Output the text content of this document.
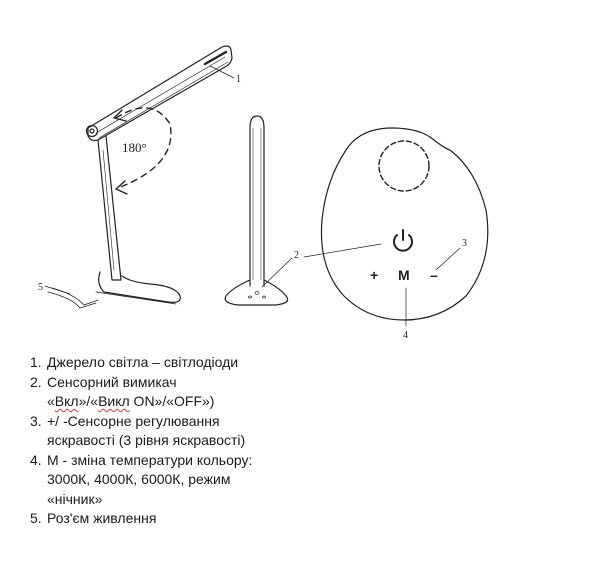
+ M –
180°
1
2
3
4
5
1. Джерело світла – світлодіоди
2. Сенсорний вимикач
«Вкл»/«Викл ON»/«OFF»)
3. +/ -Сенсорне регулювання яскравості (3 рівня яскравості)
4. М - зміна температури кольору: 3000К, 4000К, 6000К, режим «нічник»
5. Роз'єм живлення
